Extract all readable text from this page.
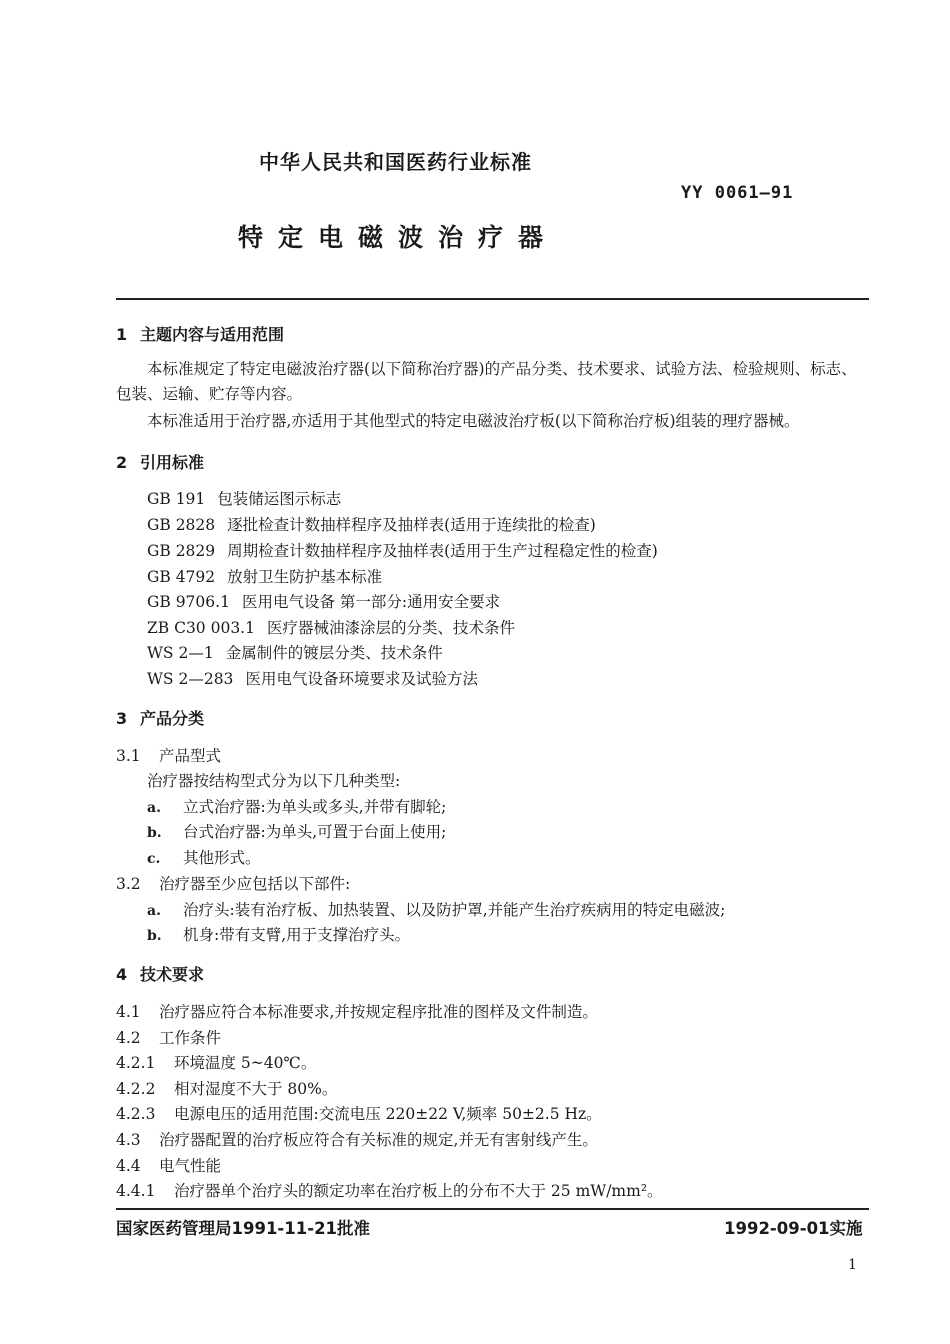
中华人民共和国医药行业标准
YY 0061—91
特定电磁波治疗器
1 主题内容与适用范围
本标准规定了特定电磁波治疗器(以下简称治疗器)的产品分类、技术要求、试验方法、检验规则、标志、包装、运输、贮存等内容。
本标准适用于治疗器,亦适用于其他型式的特定电磁波治疗板(以下简称治疗板)组装的理疗器械。
2 引用标准
GB 191 包装储运图示标志
GB 2828 逐批检查计数抽样程序及抽样表(适用于连续批的检查)
GB 2829 周期检查计数抽样程序及抽样表(适用于生产过程稳定性的检查)
GB 4792 放射卫生防护基本标准
GB 9706.1 医用电气设备 第一部分:通用安全要求
ZB C30 003.1 医疗器械油漆涂层的分类、技术条件
WS 2—1 金属制件的镀层分类、技术条件
WS 2—283 医用电气设备环境要求及试验方法
3 产品分类
3.1 产品型式
治疗器按结构型式分为以下几种类型:
a. 立式治疗器:为单头或多头,并带有脚轮;
b. 台式治疗器:为单头,可置于台面上使用;
c. 其他形式。
3.2 治疗器至少应包括以下部件:
a. 治疗头:装有治疗板、加热装置、以及防护罩,并能产生治疗疾病用的特定电磁波;
b. 机身:带有支臂,用于支撑治疗头。
4 技术要求
4.1 治疗器应符合本标准要求,并按规定程序批准的图样及文件制造。
4.2 工作条件
4.2.1 环境温度 5~40℃。
4.2.2 相对湿度不大于 80%。
4.2.3 电源电压的适用范围:交流电压 220±22 V,频率 50±2.5 Hz。
4.3 治疗器配置的治疗板应符合有关标准的规定,并无有害射线产生。
4.4 电气性能
4.4.1 治疗器单个治疗头的额定功率在治疗板上的分布不大于 25 mW/mm²。
国家医药管理局1991-11-21批准	1992-09-01实施
1
